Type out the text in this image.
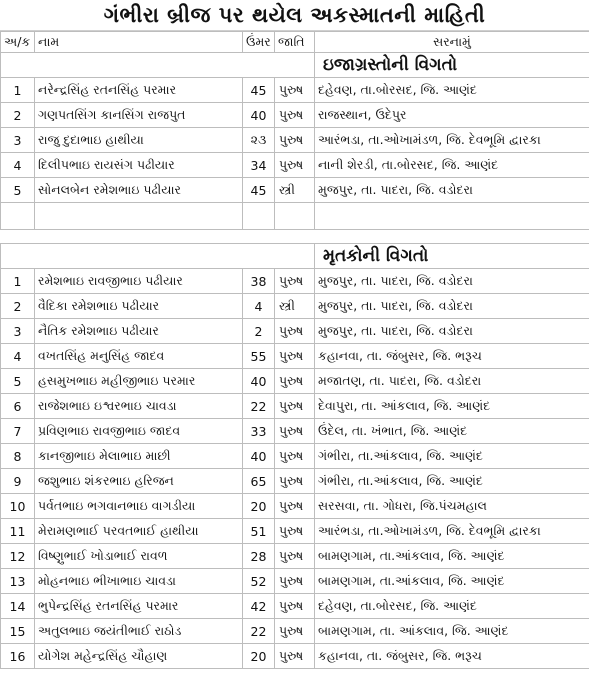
ગંભીરા બ્રીજ પર થયેલ અકસ્માતની માહિતી
અ/ક	નામ	ઉંમર	જાતિ	સરનામું
				ઇજાગ્રસ્તોની વિગતો
1	નરેન્દ્રસિંહ રતનસિંહ પરમાર	45	પુરુષ	દહેવણ, તા.બોરસદ, જિ. આણંદ
2	ગણપતસિંગ કાનસિંગ રાજપુત	40	પુરુષ	રાજસ્થાન, ઉદેપુર
3	રાજુ દુદાભાઇ હાથીયા	૨૩	પુરુષ	આરંભડા, તા.ઓખામંડળ, જિ. દેવભૂમિ દ્વારકા
4	દિલીપભાઇ રાયસંગ પઢીયાર	34	પુરુષ	નાની શેરડી, તા.બોરસદ, જિ. આણંદ
5	સોનલબેન રમેશભાઇ પઢીયાર	45	સ્ત્રી	મુજપુર, તા. પાદરા, જિ. વડોદરા

				મૃતકોની વિગતો
1	રમેશભાઇ રાવજીભાઇ પઢીયાર	38	પુરુષ	મુજપુર, તા. પાદરા, જિ. વડોદરા
2	વૈદિકા રમેશભાઇ પઢીયાર	4	સ્ત્રી	મુજપુર, તા. પાદરા, જિ. વડોદરા
3	નૈતિક રમેશભાઇ પઢીયાર	2	પુરુષ	મુજપુર, તા. પાદરા, જિ. વડોદરા
4	વખતસિંહ મનુસિંહ જાદવ	55	પુરુષ	કહાનવા, તા. જંબુસર, જિ. ભરૂચ
5	હસમુખભાઇ મહીજીભાઇ પરમાર	40	પુરુષ	મજાતણ, તા. પાદરા, જિ. વડોદરા
6	રાજેશભાઇ ઇશ્વરભાઇ ચાવડા	22	પુરુષ	દેવાપુરા, તા. આંકલાવ, જિ. આણંદ
7	પ્રવિણભાઇ રાવજીભાઇ જાદવ	33	પુરુષ	ઉંદેલ, તા. ખંભાત, જિ. આણંદ
8	કાનજીભાઇ મેલાભાઇ માછી	40	પુરુષ	ગંભીરા, તા.આંકલાવ, જિ. આણંદ
9	જશુભાઇ શંકરભાઇ હરિજન	65	પુરુષ	ગંભીરા, તા.આંકલાવ, જિ. આણંદ
10	પર્વતભાઇ ભગવાનભાઇ વાગડીયા	20	પુરુષ	સરસવા, તા. ગોધરા, જિ.પંચમહાલ
11	મેરામણભાઈ પરવતભાઈ હાથીયા	51	પુરુષ	આરંભડા, તા.ઓખામંડળ, જિ. દેવભૂમિ દ્વારકા
12	વિષ્ણુભાઈ ખોડાભાઈ રાવળ	28	પુરુષ	બામણગામ, તા.આંકલાવ, જિ. આણંદ
13	મોહનભાઇ ભીખાભાઇ ચાવડા	52	પુરુષ	બામણગામ, તા.આંકલાવ, જિ. આણંદ
14	ભુપેન્દ્રસિંહ રતનસિંહ પરમાર	42	પુરુષ	દહેવણ, તા.બોરસદ, જિ. આણંદ
15	અતુલભાઇ જયંતીભાઈ રાઠોડ	22	પુરુષ	બામણગામ, તા. આંકલાવ, જિ. આણંદ
16	યોગેશ મહેન્દ્રસિંહ ચૌહાણ	20	પુરુષ	કહાનવા, તા. જંબુસર, જિ. ભરૂચ
